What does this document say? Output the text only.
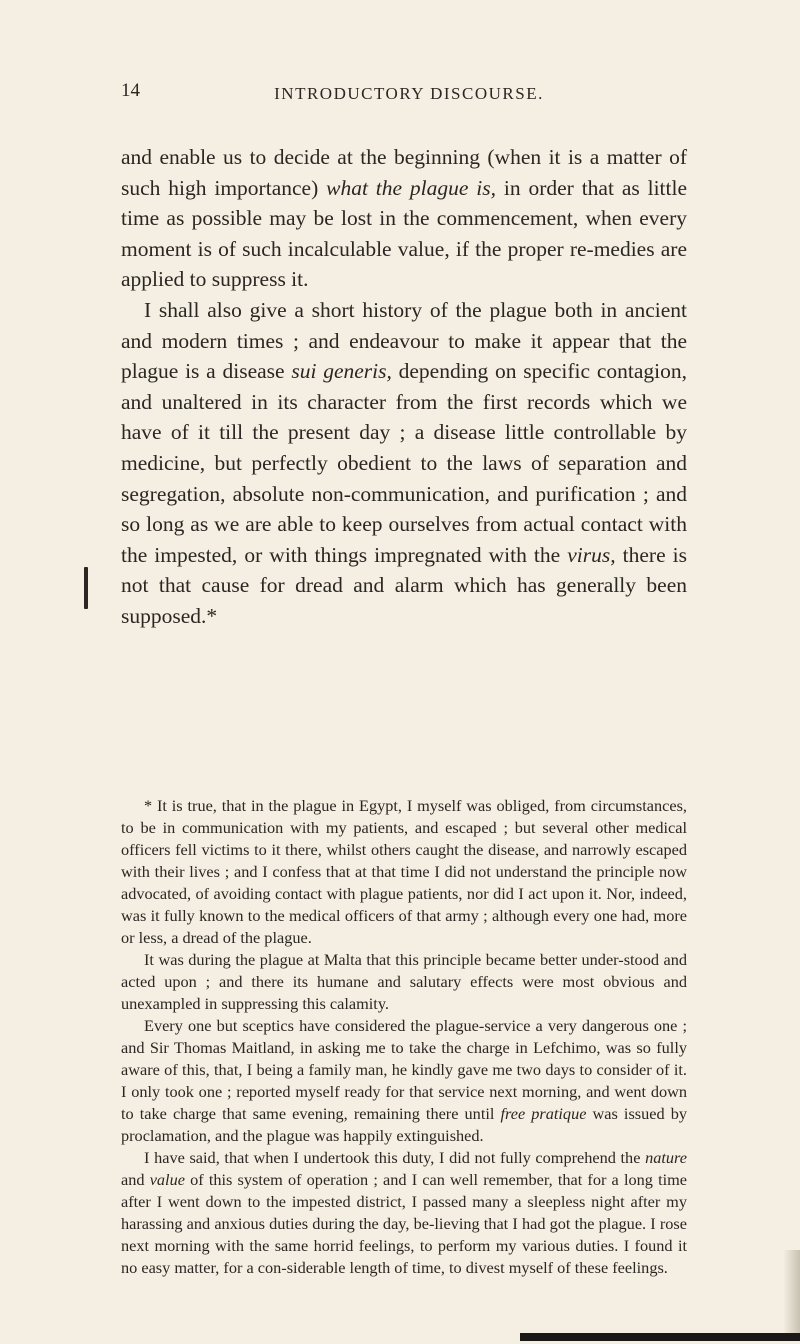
14	INTRODUCTORY DISCOURSE.

and enable us to decide at the beginning (when it is a matter of such high importance) what the plague is, in order that as little time as possible may be lost in the commencement, when every moment is of such incalculable value, if the proper re-medies are applied to suppress it.

I shall also give a short history of the plague both in ancient and modern times ; and endeavour to make it appear that the plague is a disease sui generis, depending on specific contagion, and unaltered in its character from the first records which we have of it till the present day ; a disease little controllable by medicine, but perfectly obedient to the laws of separation and segregation, absolute non-communication, and purification ; and so long as we are able to keep ourselves from actual contact with the impested, or with things impregnated with the virus, there is not that cause for dread and alarm which has generally been supposed.*

* It is true, that in the plague in Egypt, I myself was obliged, from circumstances, to be in communication with my patients, and escaped ; but several other medical officers fell victims to it there, whilst others caught the disease, and narrowly escaped with their lives ; and I confess that at that time I did not understand the principle now advocated, of avoiding contact with plague patients, nor did I act upon it. Nor, indeed, was it fully known to the medical officers of that army ; although every one had, more or less, a dread of the plague.

It was during the plague at Malta that this principle became better under-stood and acted upon ; and there its humane and salutary effects were most obvious and unexampled in suppressing this calamity.

Every one but sceptics have considered the plague-service a very dangerous one ; and Sir Thomas Maitland, in asking me to take the charge in Lefchimo, was so fully aware of this, that, I being a family man, he kindly gave me two days to consider of it. I only took one ; reported myself ready for that service next morning, and went down to take charge that same evening, remaining there until free pratique was issued by proclamation, and the plague was happily extinguished.

I have said, that when I undertook this duty, I did not fully comprehend the nature and value of this system of operation ; and I can well remember, that for a long time after I went down to the impested district, I passed many a sleepless night after my harassing and anxious duties during the day, be-lieving that I had got the plague. I rose next morning with the same horrid feelings, to perform my various duties. I found it no easy matter, for a con-siderable length of time, to divest myself of these feelings.
